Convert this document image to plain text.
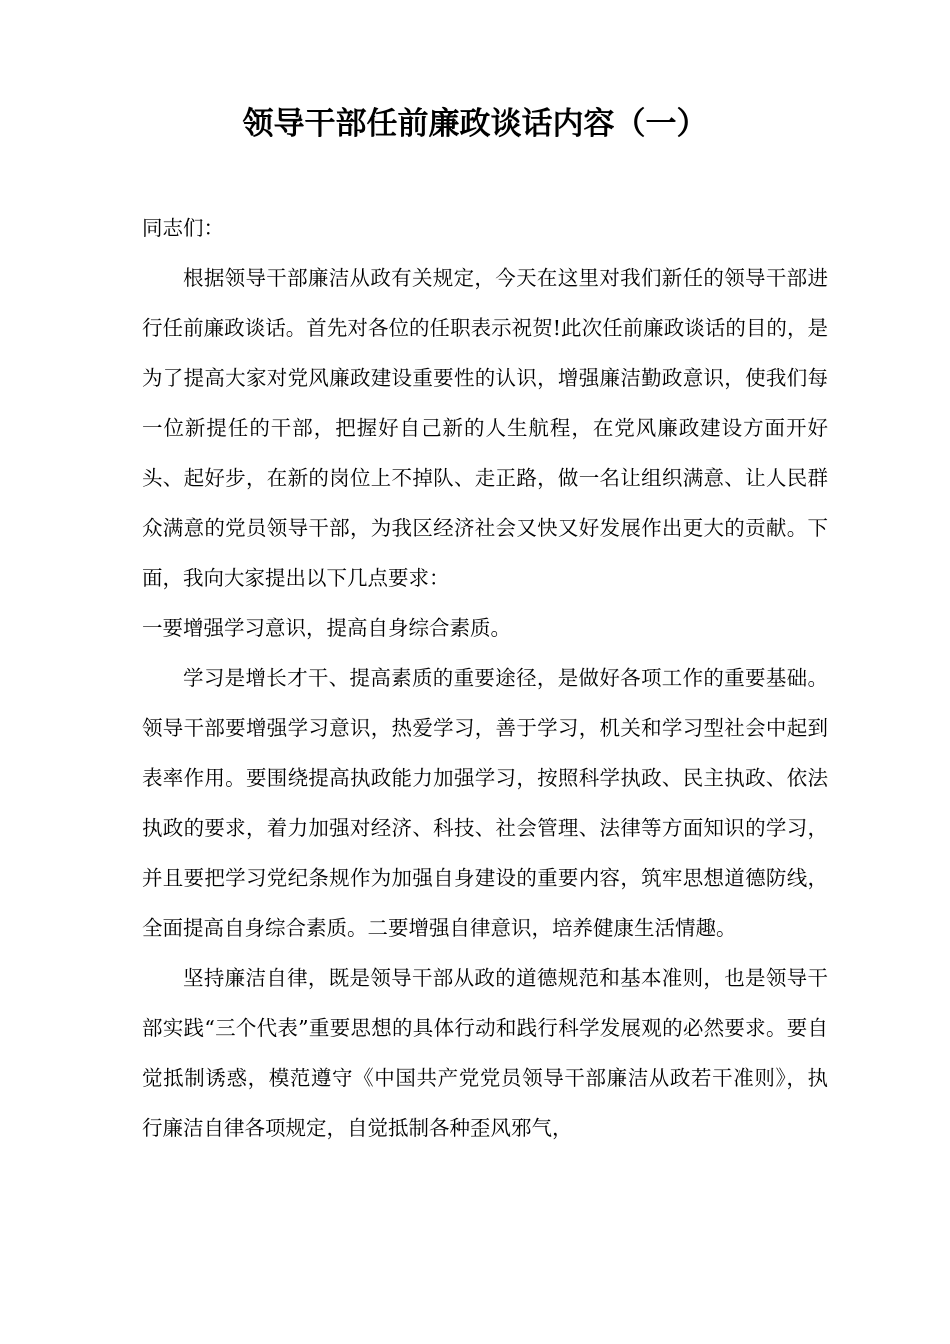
领导干部任前廉政谈话内容（一）

同志们：

根据领导干部廉洁从政有关规定，今天在这里对我们新任的领导干部进行任前廉政谈话。首先对各位的任职表示祝贺!此次任前廉政谈话的目的，是为了提高大家对党风廉政建设重要性的认识，增强廉洁勤政意识，使我们每一位新提任的干部，把握好自己新的人生航程，在党风廉政建设方面开好头、起好步，在新的岗位上不掉队、走正路，做一名让组织满意、让人民群众满意的党员领导干部，为我区经济社会又快又好发展作出更大的贡献。下面，我向大家提出以下几点要求：

一要增强学习意识，提高自身综合素质。

学习是增长才干、提高素质的重要途径，是做好各项工作的重要基础。领导干部要增强学习意识，热爱学习，善于学习，机关和学习型社会中起到表率作用。要围绕提高执政能力加强学习，按照科学执政、民主执政、依法执政的要求，着力加强对经济、科技、社会管理、法律等方面知识的学习，并且要把学习党纪条规作为加强自身建设的重要内容，筑牢思想道德防线，全面提高自身综合素质。二要增强自律意识，培养健康生活情趣。

坚持廉洁自律，既是领导干部从政的道德规范和基本准则，也是领导干部实践“三个代表”重要思想的具体行动和践行科学发展观的必然要求。要自觉抵制诱惑，模范遵守《中国共产党党员领导干部廉洁从政若干准则》，执行廉洁自律各项规定，自觉抵制各种歪风邪气，
